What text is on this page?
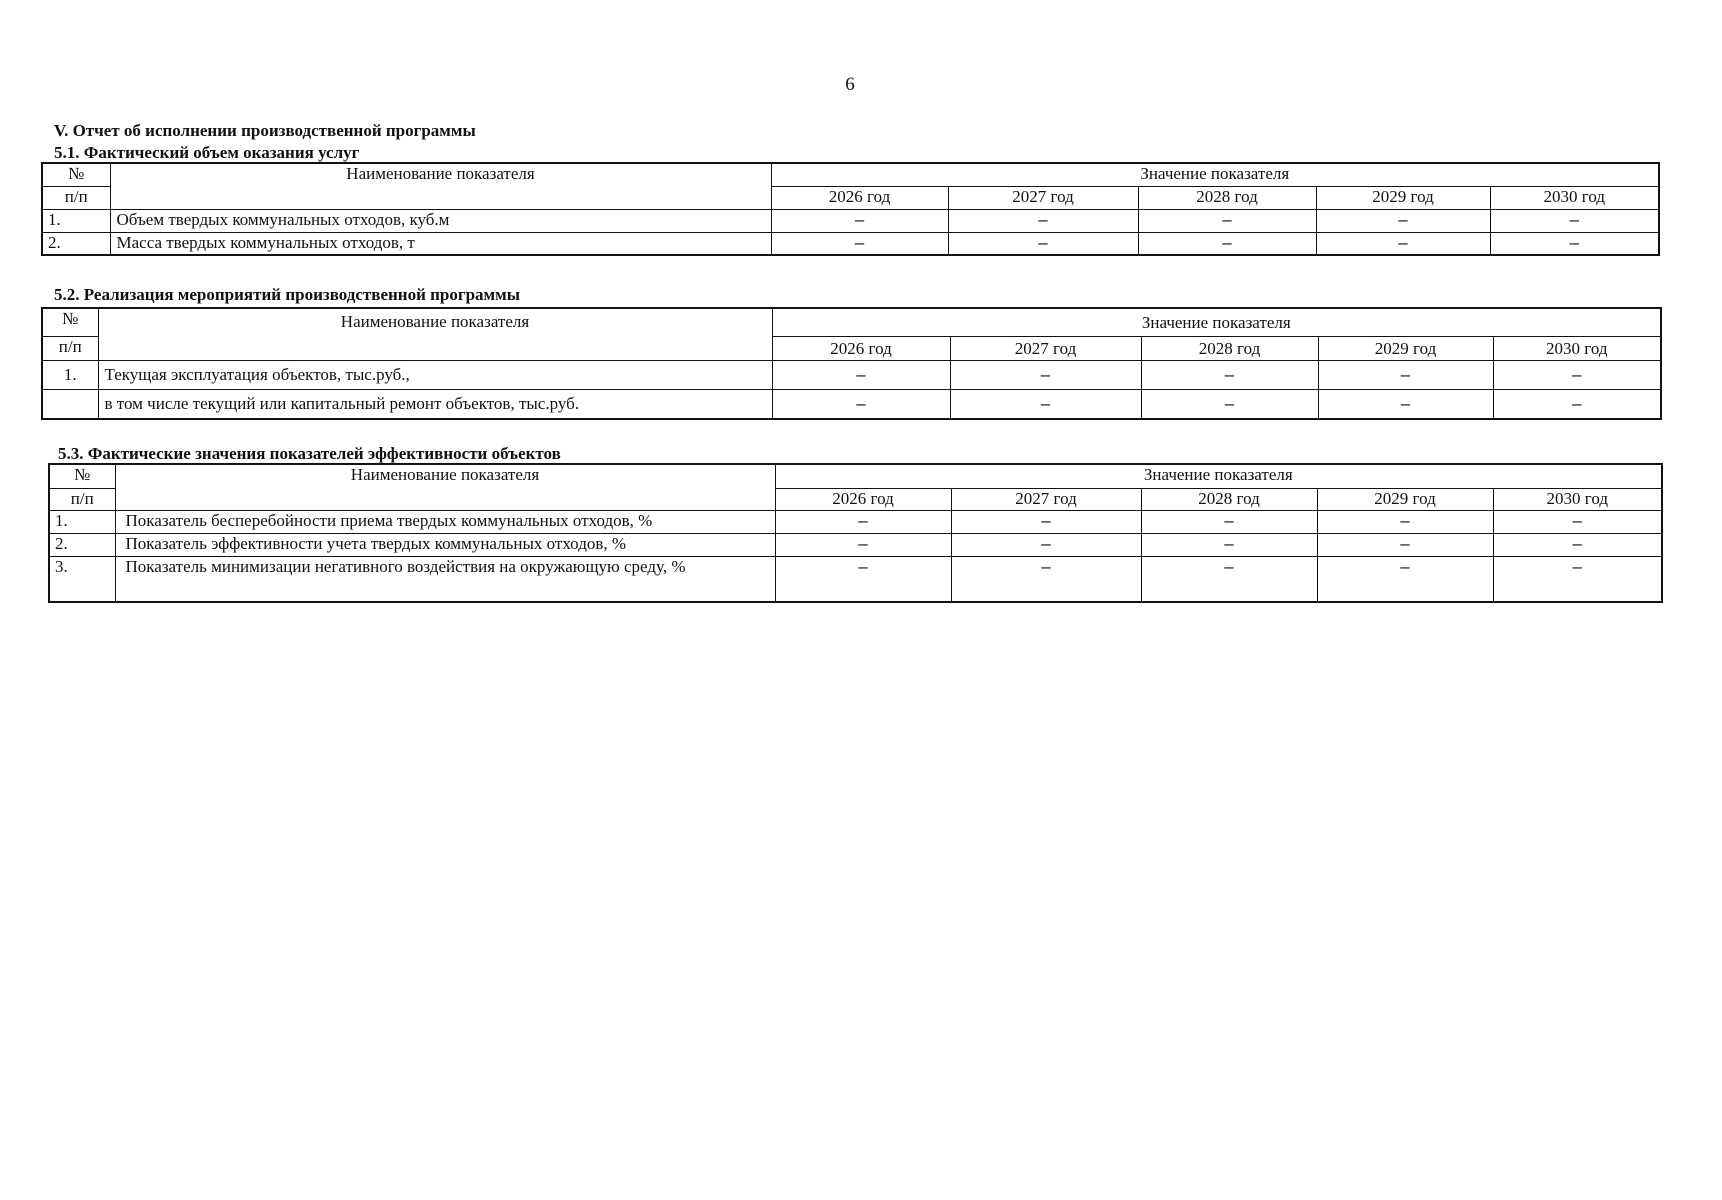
6
V. Отчет об исполнении производственной программы
5.1. Фактический объем оказания услуг
№	Наименование показателя	Значение показателя				
п/п		2026 год	2027 год	2028 год	2029 год	2030 год
1.	Объем твердых коммунальных отходов, куб.м	–	–	–	–	–
2.	Масса твердых коммунальных отходов, т	–	–	–	–	–
5.2. Реализация мероприятий производственной программы
№	Наименование показателя	Значение показателя				
п/п		2026 год	2027 год	2028 год	2029 год	2030 год
1.	Текущая эксплуатация объектов, тыс.руб.,	–	–	–	–	–
	в том числе текущий или капитальный ремонт объектов, тыс.руб.	–	–	–	–	–
5.3. Фактические значения показателей эффективности объектов
№	Наименование показателя	Значение показателя				
п/п		2026 год	2027 год	2028 год	2029 год	2030 год
1.	Показатель бесперебойности приема твердых коммунальных отходов, %	–	–	–	–	–
2.	Показатель эффективности учета твердых коммунальных отходов, %	–	–	–	–	–
3.	Показатель минимизации негативного воздействия на окружающую среду, %	–	–	–	–	–
